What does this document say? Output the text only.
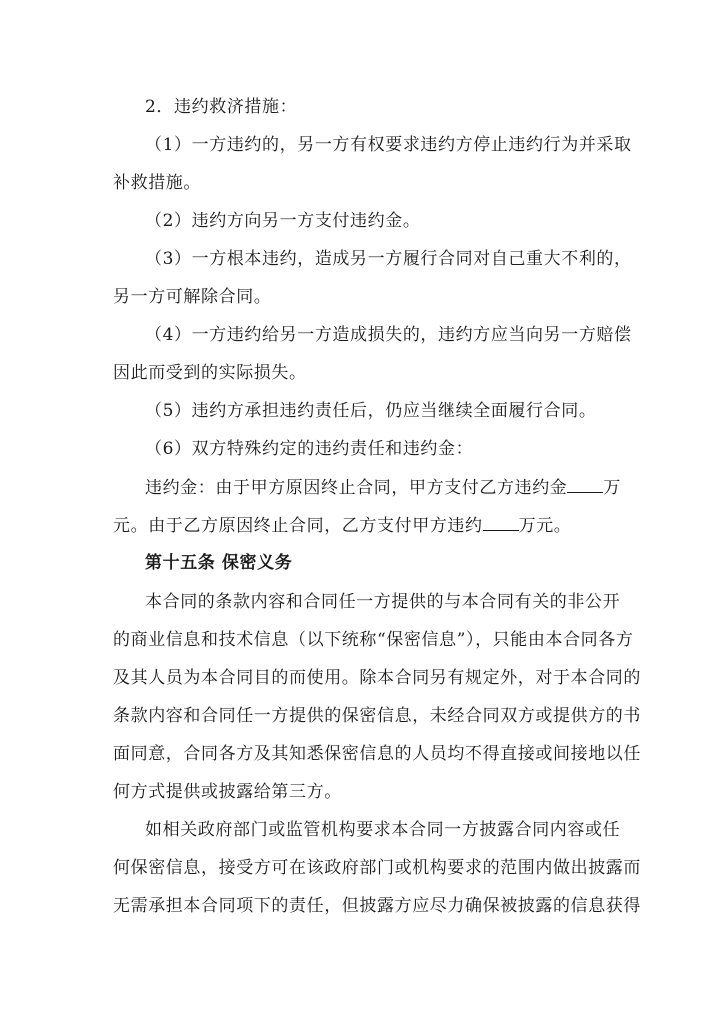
2．违约救济措施：
（1）一方违约的，另一方有权要求违约方停止违约行为并采取
补救措施。
（2）违约方向另一方支付违约金。
（3）一方根本违约，造成另一方履行合同对自己重大不利的，
另一方可解除合同。
（4）一方违约给另一方造成损失的，违约方应当向另一方赔偿
因此而受到的实际损失。
（5）违约方承担违约责任后，仍应当继续全面履行合同。
（6）双方特殊约定的违约责任和违约金：
违约金：由于甲方原因终止合同，甲方支付乙方违约金 万
元。由于乙方原因终止合同，乙方支付甲方违约 万元。
第十五条 保密义务
本合同的条款内容和合同任一方提供的与本合同有关的非公开
的商业信息和技术信息（以下统称“保密信息”），只能由本合同各方
及其人员为本合同目的而使用。除本合同另有规定外，对于本合同的
条款内容和合同任一方提供的保密信息，未经合同双方或提供方的书
面同意，合同各方及其知悉保密信息的人员均不得直接或间接地以任
何方式提供或披露给第三方。
如相关政府部门或监管机构要求本合同一方披露合同内容或任
何保密信息，接受方可在该政府部门或机构要求的范围内做出披露而
无需承担本合同项下的责任，但披露方应尽力确保被披露的信息获得
